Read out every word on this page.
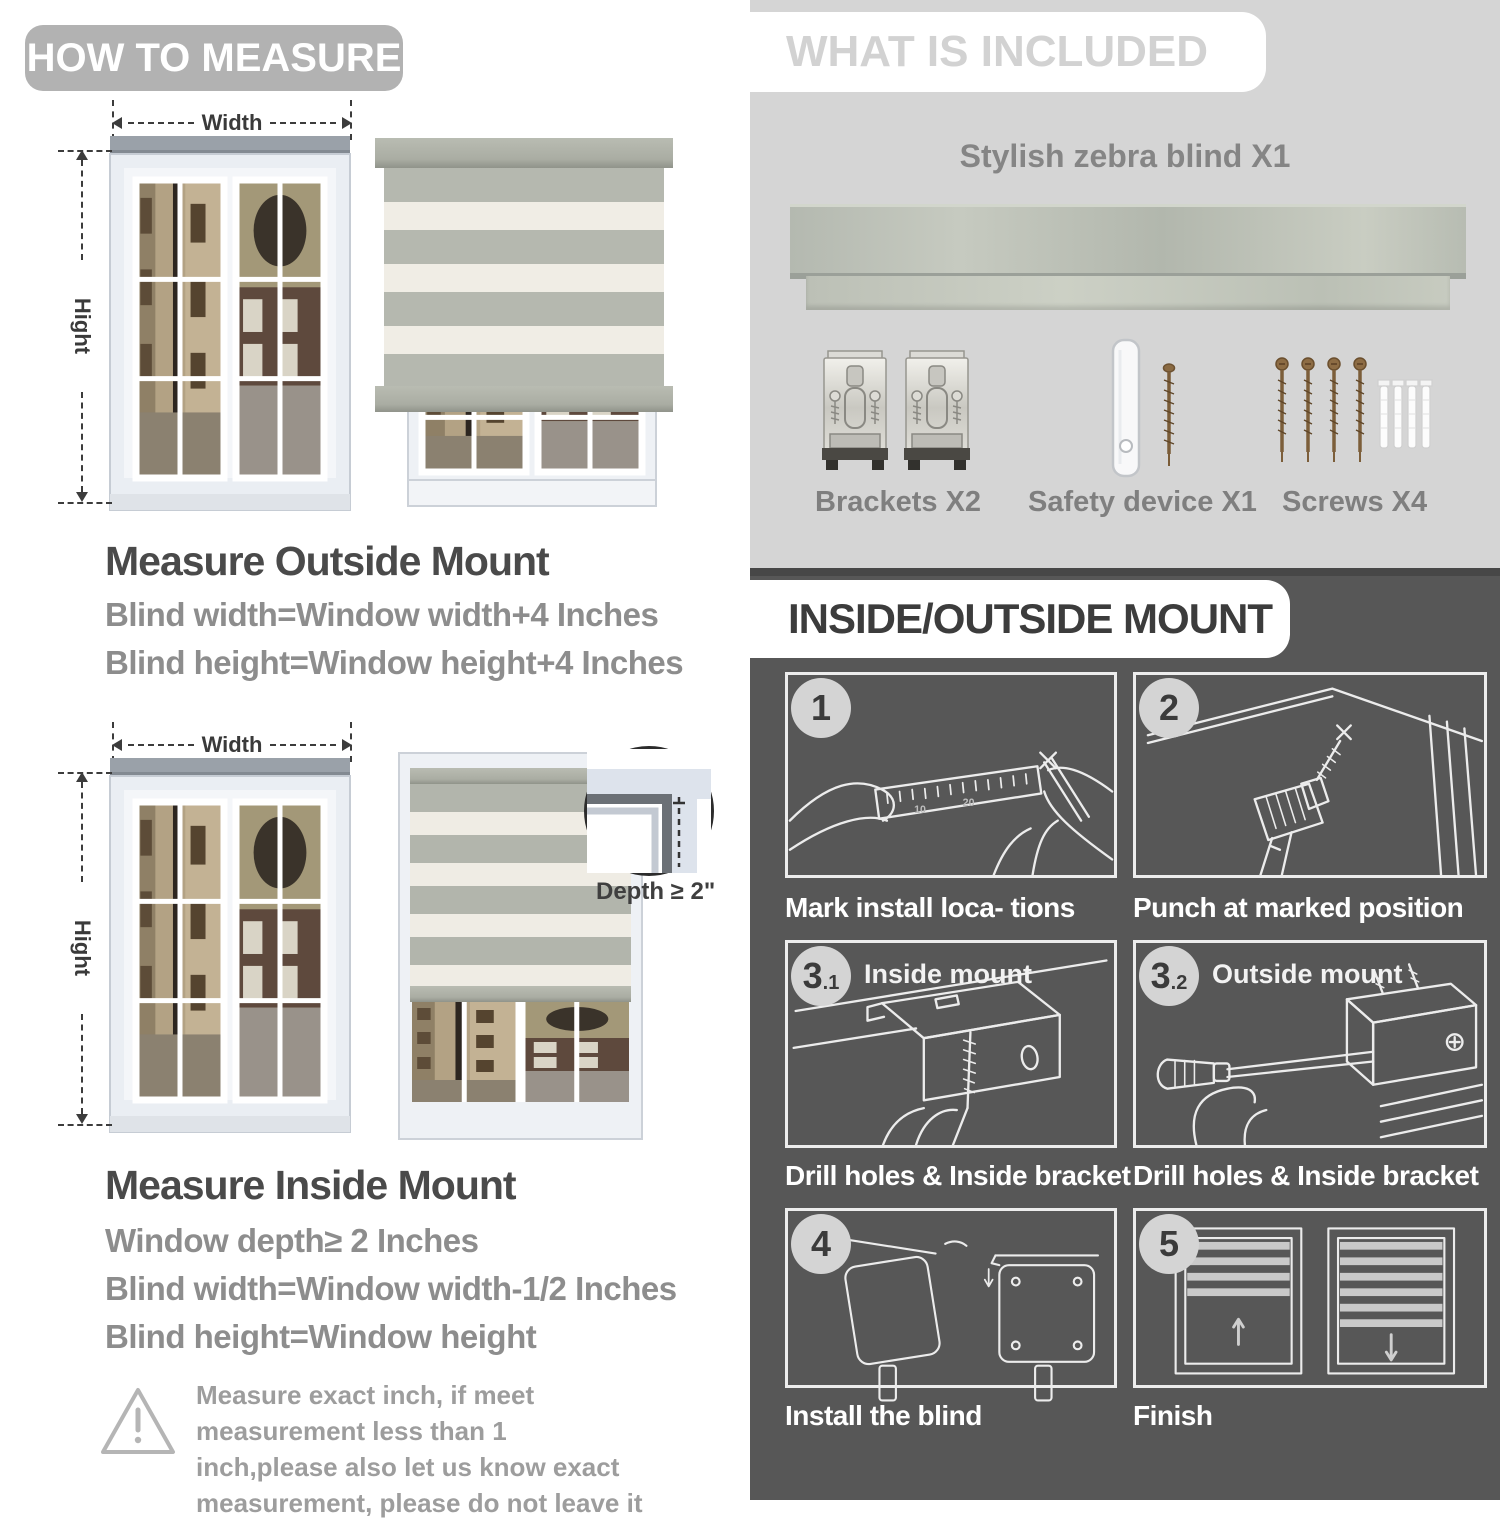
HOW TO MEASURE
Width
Hight
Measure Outside Mount
Blind width=Window width+4 Inches
Blind height=Window height+4 Inches
Width
Hight
Depth ≥ 2"
Measure Inside Mount
Window depth≥ 2 Inches
Blind width=Window width-1/2 Inches
Blind height=Window height
Measure exact inch, if meet measurement less than 1 inch,please also let us know exact measurement, please do not leave it
WHAT IS INCLUDED
Stylish zebra blind X1
Brackets X2 Safety device X1 Screws X4
INSIDE/OUTSIDE MOUNT
10
20
1
Mark install loca- tions
2
Punch at marked position
3 .1 Inside mount
Drill holes & Inside bracket
3 .2 Outside mount
Drill holes & Inside bracket
4
Install the blind
5
Finish
